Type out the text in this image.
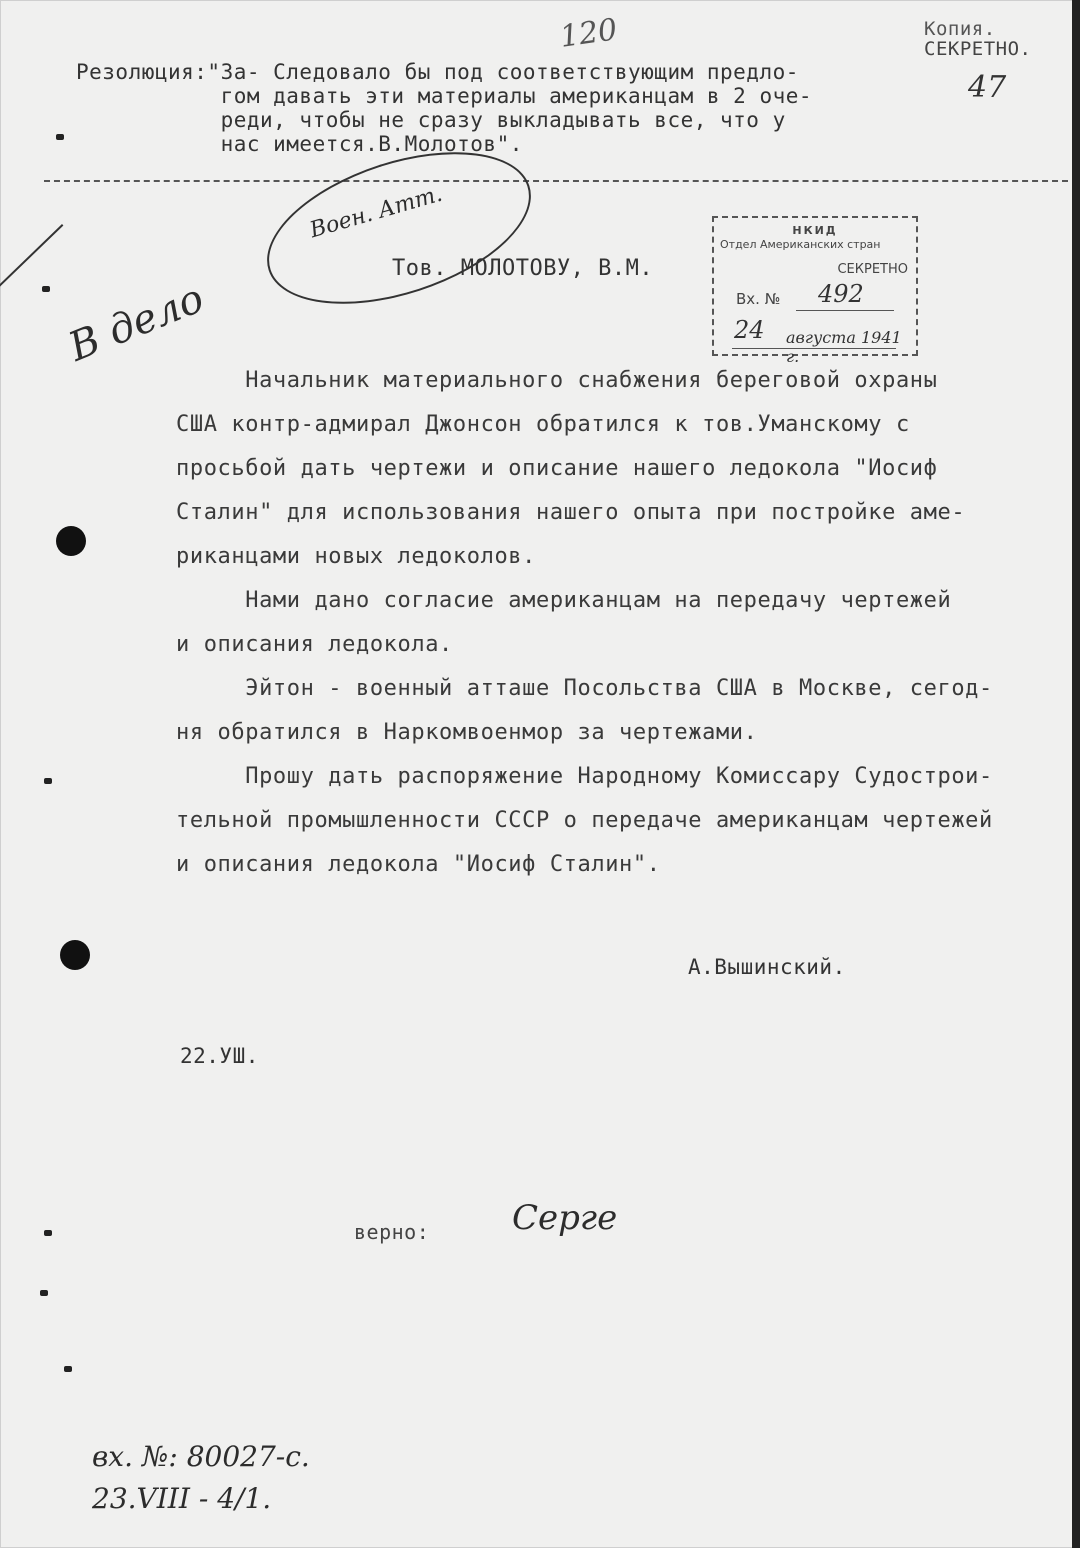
120	Копия.
СЕКРЕТНО.
47

Резолюция:"За- Следовало бы под соответствующим предло-

гом давать эти материалы американцам в 2 оче-

реди, чтобы не сразу выкладывать все, что у

нас имеется.В.Молотов".

Воен. Атт.
В дело
НКИД
Отдел Американских стран
СЕКРЕТНО
Вх. № 492
24 августа 1941 г.
Тов. МОЛОТОВУ, В.М.
Начальник материального снабжения береговой охраны
США контр-адмирал Джонсон обратился к тов.Уманскому с
просьбой дать чертежи и описание нашего ледокола "Иосиф
Сталин" для использования нашего опыта при постройке аме-
риканцами новых ледоколов.
Нами дано согласие американцам на передачу чертежей
и описания ледокола.
Эйтон - военный атташе Посольства США в Москве, сегод-
ня обратился в Наркомвоенмор за чертежами.
Прошу дать распоряжение Народному Комиссару Судострои-
тельной промышленности СССР о передаче американцам чертежей
и описания ледокола "Иосиф Сталин".
А.Вышинский.
22.УШ.
верно: Серге
вх. №: 80027-с.
23.VIII - 4/1.
